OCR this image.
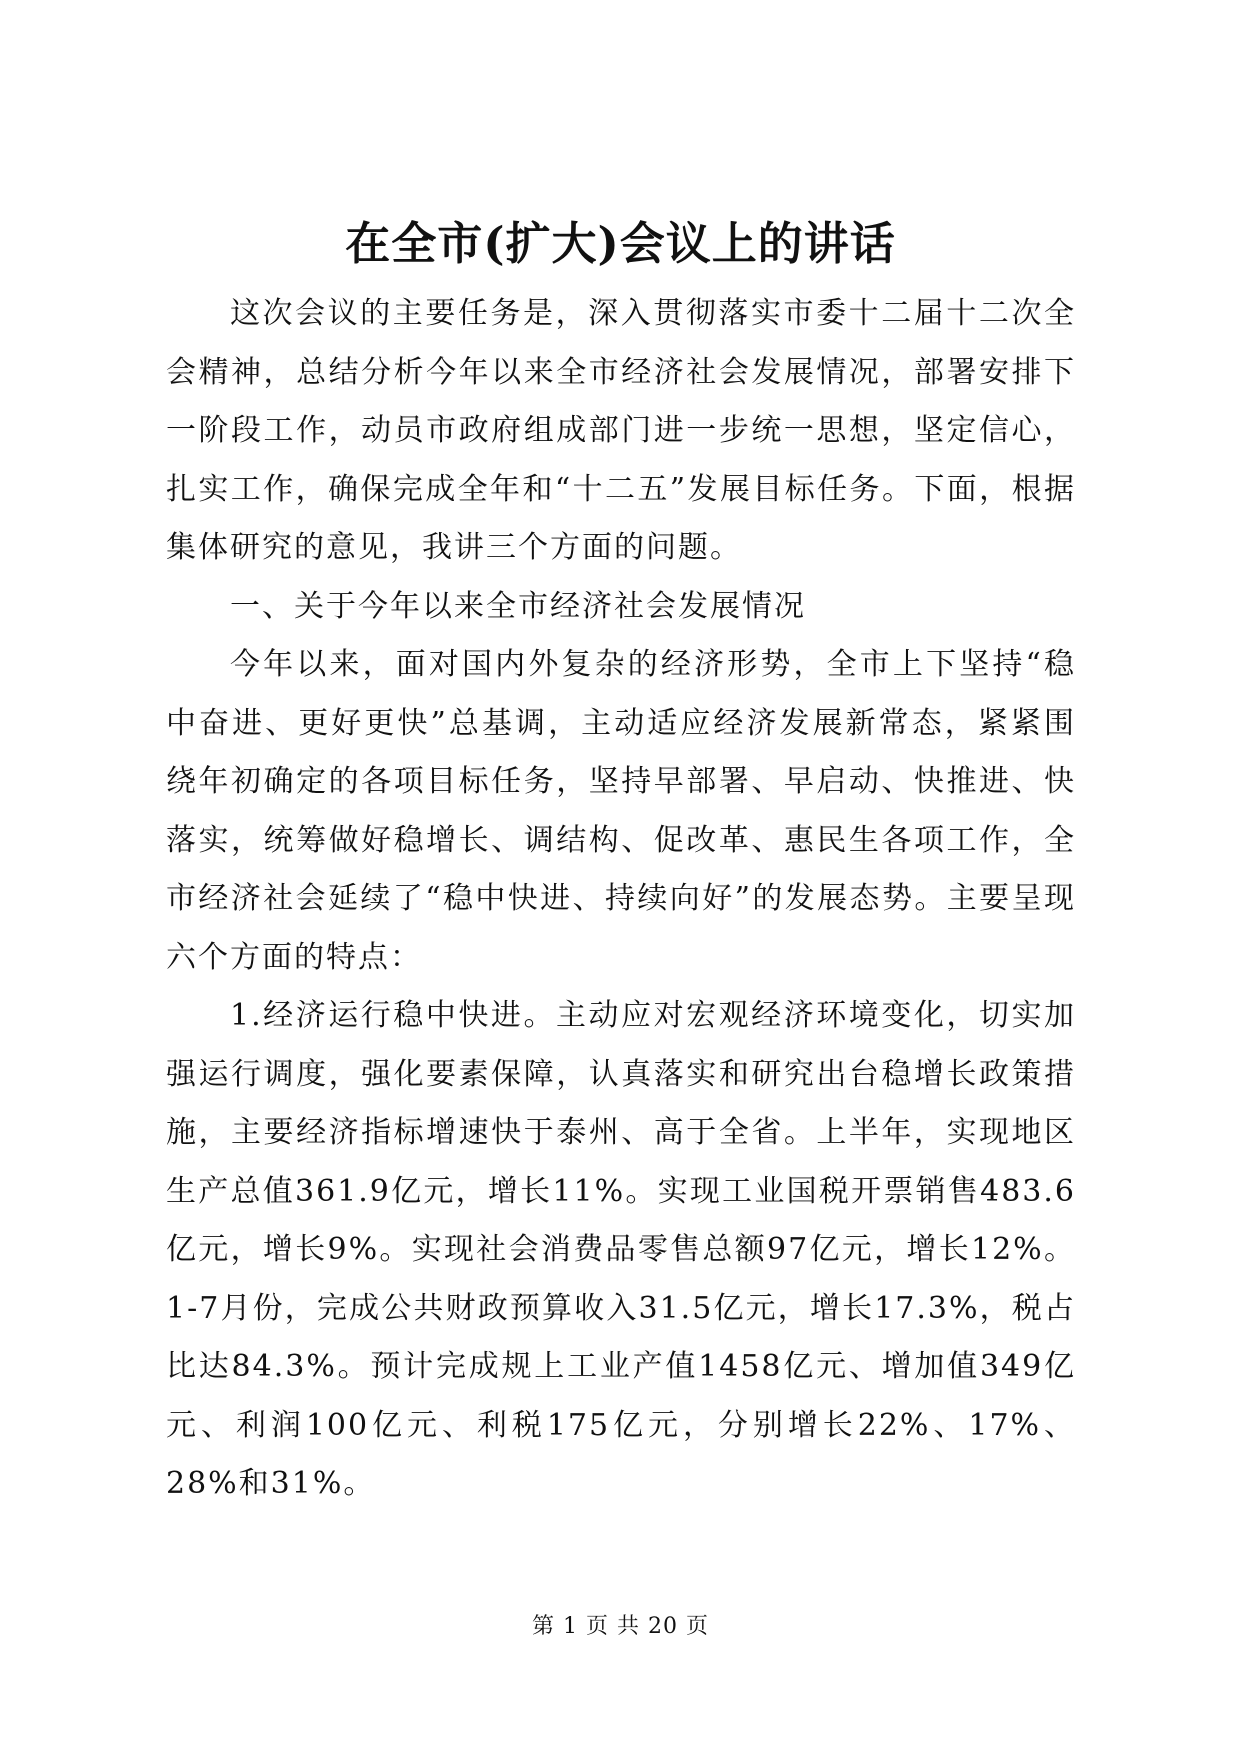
在全市(扩大)会议上的讲话

这次会议的主要任务是，深入贯彻落实市委十二届十二次全会精神，总结分析今年以来全市经济社会发展情况，部署安排下一阶段工作，动员市政府组成部门进一步统一思想，坚定信心，扎实工作，确保完成全年和“十二五”发展目标任务。下面，根据集体研究的意见，我讲三个方面的问题。

一、关于今年以来全市经济社会发展情况

今年以来，面对国内外复杂的经济形势，全市上下坚持“稳中奋进、更好更快”总基调，主动适应经济发展新常态，紧紧围绕年初确定的各项目标任务，坚持早部署、早启动、快推进、快落实，统筹做好稳增长、调结构、促改革、惠民生各项工作，全市经济社会延续了“稳中快进、持续向好”的发展态势。主要呈现六个方面的特点：

1.经济运行稳中快进。主动应对宏观经济环境变化，切实加强运行调度，强化要素保障，认真落实和研究出台稳增长政策措施，主要经济指标增速快于泰州、高于全省。上半年，实现地区生产总值361.9亿元，增长11%。实现工业国税开票销售483.6亿元，增长9%。实现社会消费品零售总额97亿元，增长12%。1-7月份，完成公共财政预算收入31.5亿元，增长17.3%，税占比达84.3%。预计完成规上工业产值1458亿元、增加值349亿元、利润100亿元、利税175亿元，分别增长22%、17%、28%和31%。

第 1 页 共 20 页
